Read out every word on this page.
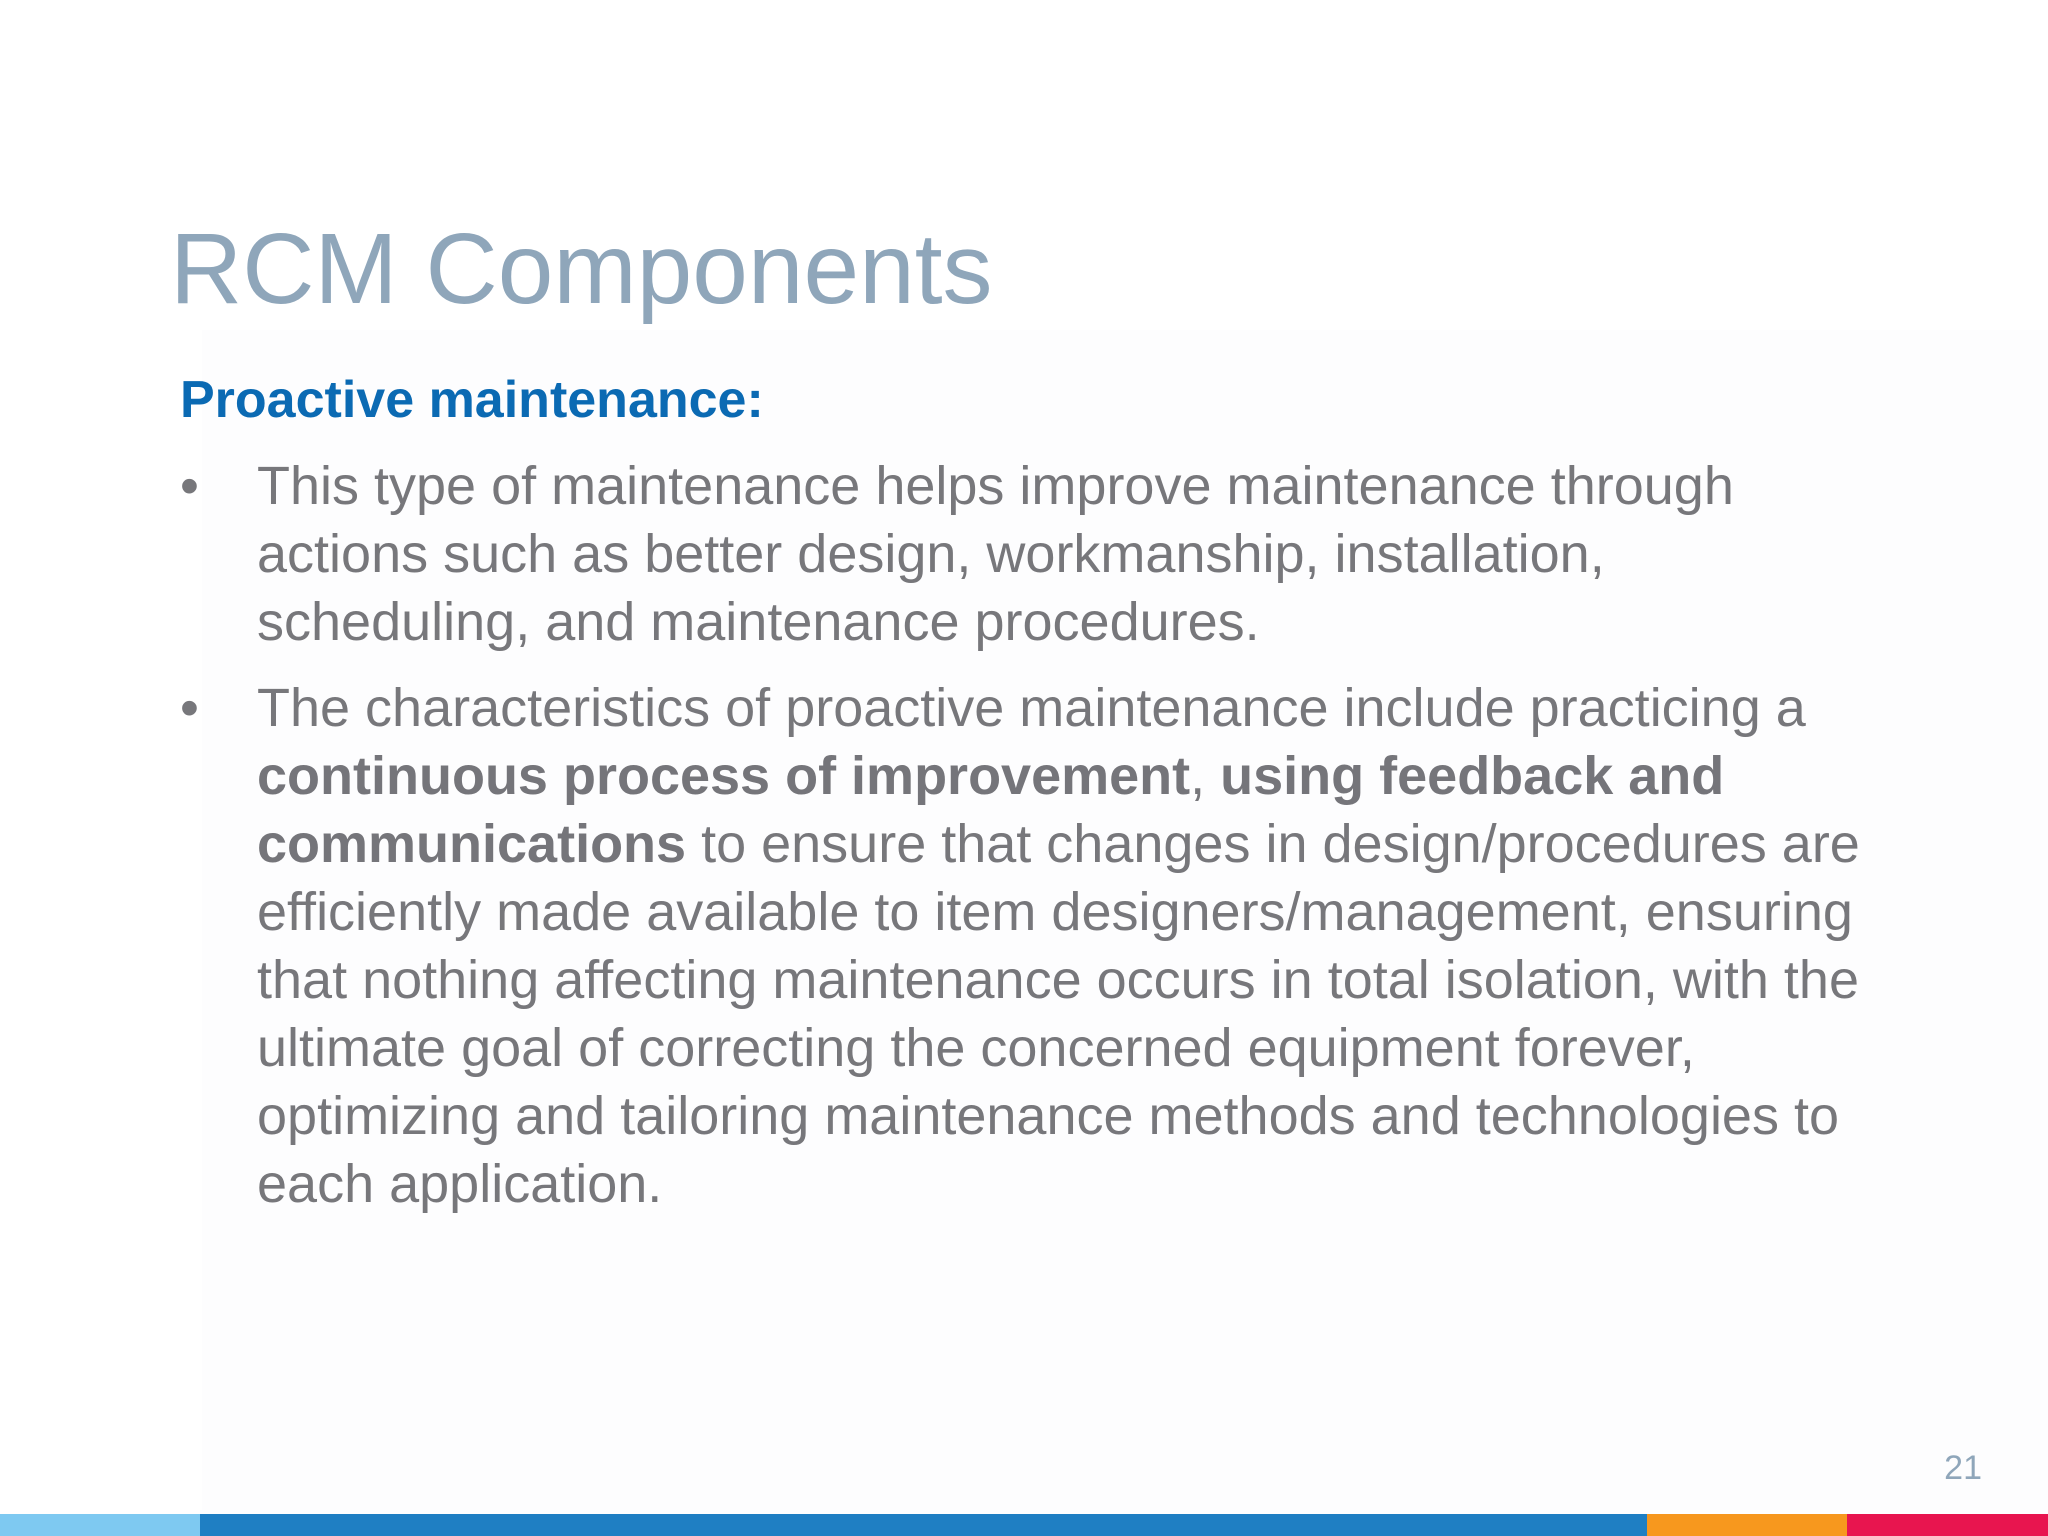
RCM Components
Proactive maintenance:
• This type of maintenance helps improve maintenance through actions such as better design, workmanship, installation, scheduling, and maintenance procedures.
• The characteristics of proactive maintenance include practicing a continuous process of improvement, using feedback and communications to ensure that changes in design/procedures are efficiently made available to item designers/management, ensuring that nothing affecting maintenance occurs in total isolation, with the ultimate goal of correcting the concerned equipment forever, optimizing and tailoring maintenance methods and technologies to each application.
21
